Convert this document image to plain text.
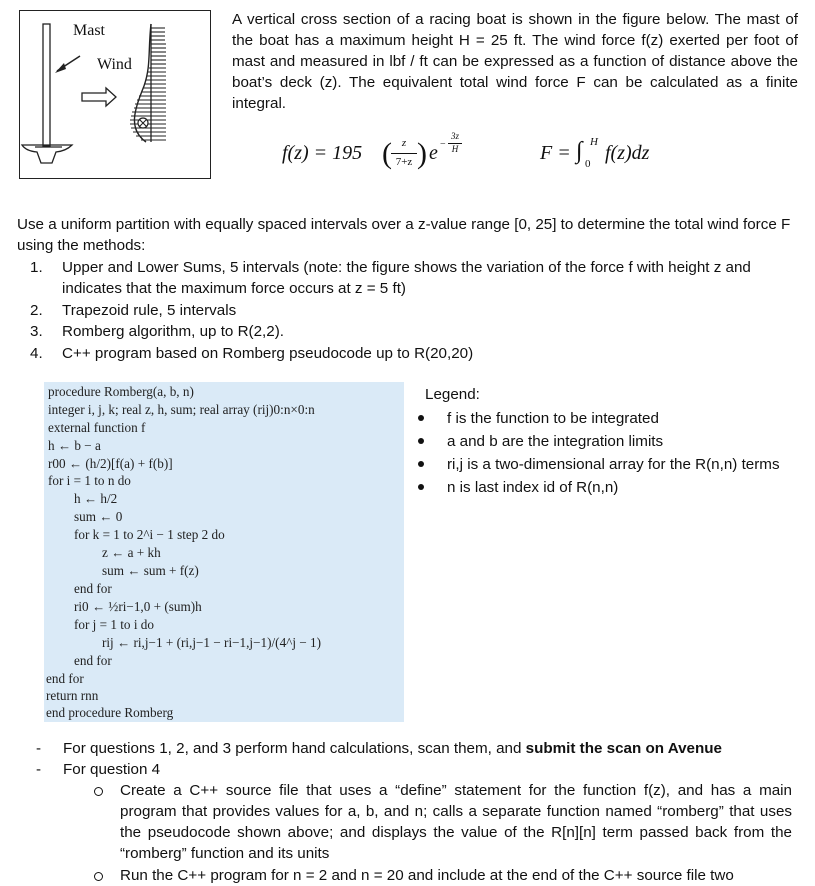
Mast
Wind
A vertical cross section of a racing boat is shown in the figure below. The mast of the boat has a maximum height H = 25 ft. The wind force f(z) exerted per foot of mast and measured in lbf / ft can be expressed as a function of distance above the boat’s deck (z). The equivalent total wind force F can be calculated as a finite integral.
f(z) = 195 ( z
7+z ) e −
3z
H	F = ∫ H
0 f(z)dz
Use a uniform partition with equally spaced intervals over a z-value range [0, 25] to determine the total wind force F using the methods:
1.	Upper and Lower Sums, 5 intervals (note: the figure shows the variation of the force f with height z and
indicates that the maximum force occurs at z = 5 ft)
2.	Trapezoid rule, 5 intervals
3.	Romberg algorithm, up to R(2,2).
4.	C++ program based on Romberg pseudocode up to R(20,20)
procedure Romberg(a, b, n)
integer i, j, k; real z, h, sum; real array (rij)0:n×0:n
external function f
h ← b − a
r00 ← (h/2)[f(a) + f(b)]
for i = 1 to n do
h ← h/2
sum ← 0
for k = 1 to 2^i − 1 step 2 do
z ← a + kh
sum ← sum + f(z)
end for
ri0 ← ½ri−1,0 + (sum)h
for j = 1 to i do
rij ← ri,j−1 + (ri,j−1 − ri−1,j−1)/(4^j − 1)
end for
end for
return rnn
end procedure Romberg
Legend:
f is the function to be integrated
a and b are the integration limits
ri,j is a two-dimensional array for the R(n,n) terms
n is last index id of R(n,n)
- For questions 1, 2, and 3 perform hand calculations, scan them, and submit the scan on Avenue
- For question 4
Create a C++ source file that uses a “define” statement for the function f(z), and has a main program that provides values for a, b, and n; calls a separate function named “romberg” that uses the pseudocode shown above; and displays the value of the R[n][n] term passed back from the “romberg” function and its units
Run the C++ program for n = 2 and n = 20 and include at the end of the C++ source file two
